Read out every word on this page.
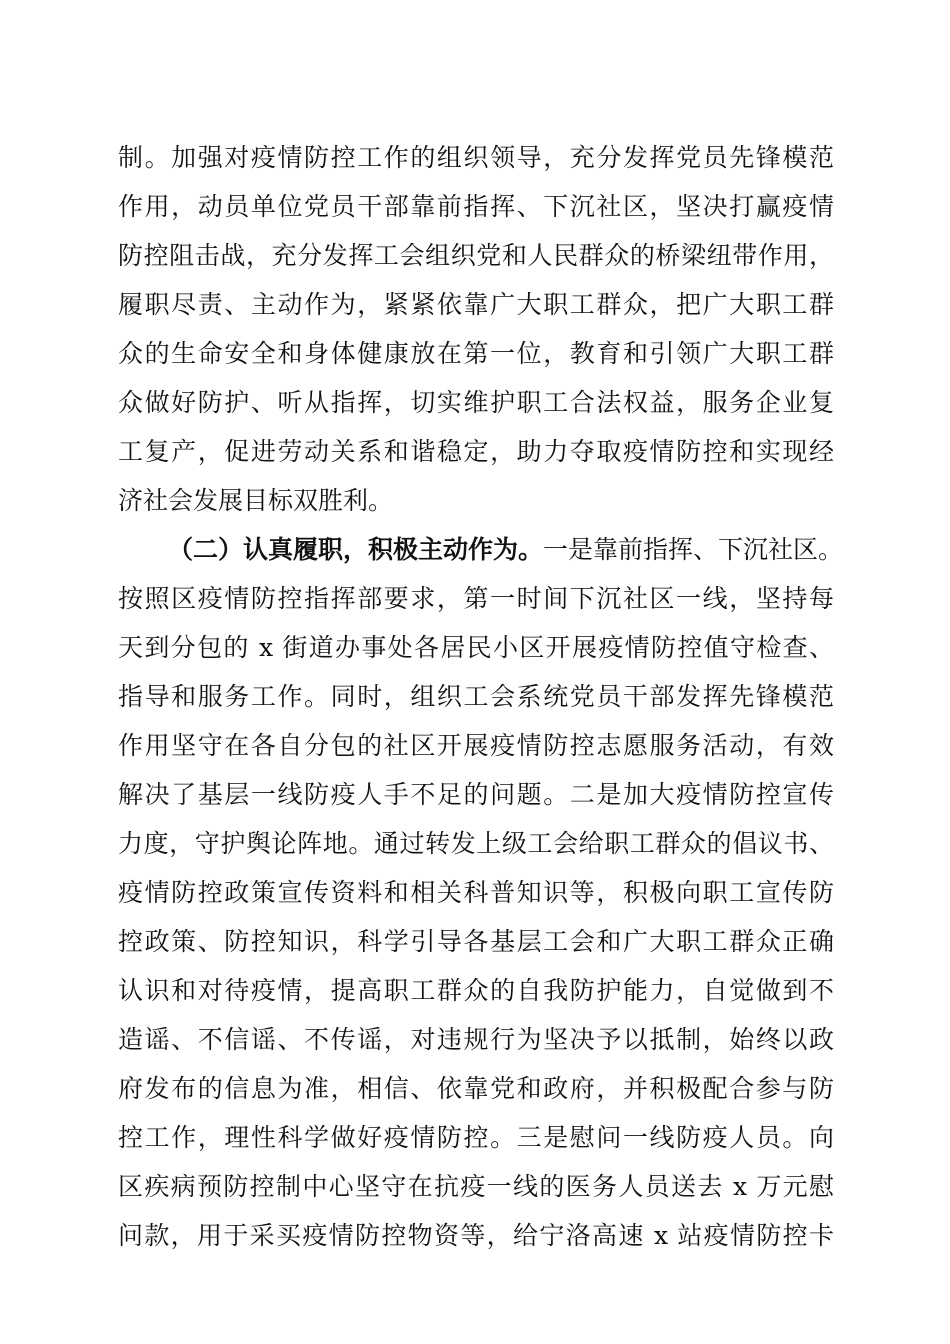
制。加强对疫情防控工作的组织领导，充分发挥党员先锋模范
作用，动员单位党员干部靠前指挥、下沉社区，坚决打赢疫情
防控阻击战，充分发挥工会组织党和人民群众的桥梁纽带作用，
履职尽责、主动作为，紧紧依靠广大职工群众，把广大职工群
众的生命安全和身体健康放在第一位，教育和引领广大职工群
众做好防护、听从指挥，切实维护职工合法权益，服务企业复
工复产，促进劳动关系和谐稳定，助力夺取疫情防控和实现经
济社会发展目标双胜利。
（二）认真履职，积极主动作为。一是靠前指挥、下沉社区。
按照区疫情防控指挥部要求，第一时间下沉社区一线，坚持每
天到分包的 x 街道办事处各居民小区开展疫情防控值守检查、
指导和服务工作。同时，组织工会系统党员干部发挥先锋模范
作用坚守在各自分包的社区开展疫情防控志愿服务活动，有效
解决了基层一线防疫人手不足的问题。二是加大疫情防控宣传
力度，守护舆论阵地。通过转发上级工会给职工群众的倡议书、
疫情防控政策宣传资料和相关科普知识等，积极向职工宣传防
控政策、防控知识，科学引导各基层工会和广大职工群众正确
认识和对待疫情，提高职工群众的自我防护能力，自觉做到不
造谣、不信谣、不传谣，对违规行为坚决予以抵制，始终以政
府发布的信息为准，相信、依靠党和政府，并积极配合参与防
控工作，理性科学做好疫情防控。三是慰问一线防疫人员。向
区疾病预防控制中心坚守在抗疫一线的医务人员送去 x 万元慰
问款，用于采买疫情防控物资等，给宁洛高速 x 站疫情防控卡
